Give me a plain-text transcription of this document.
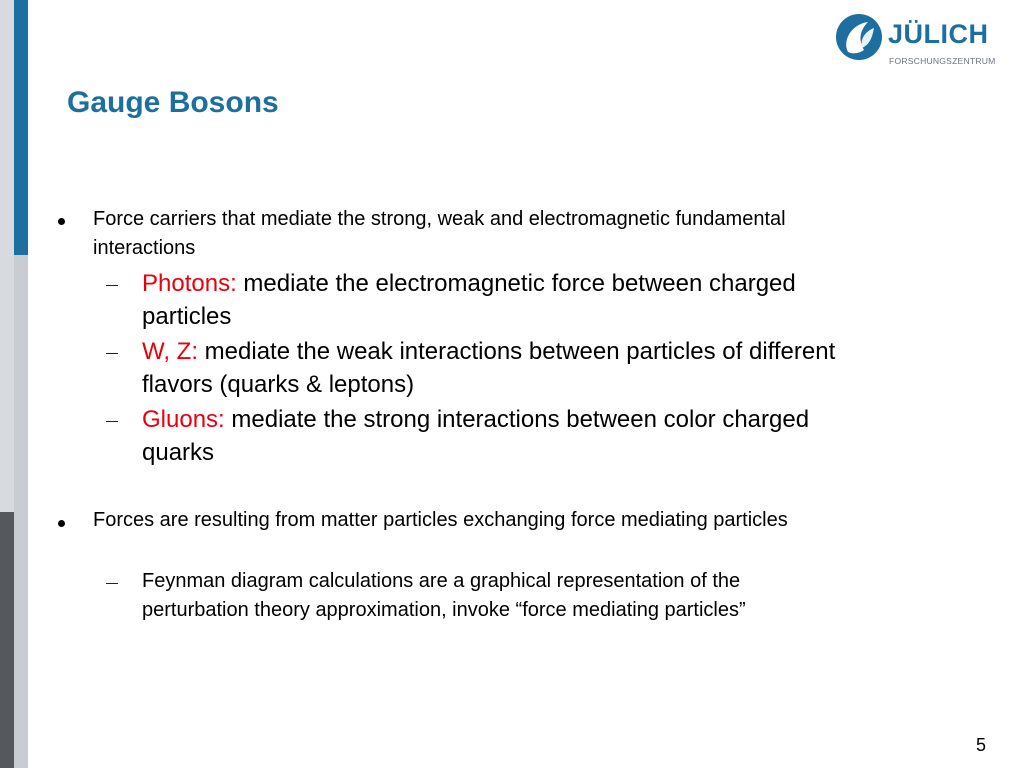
JÜLICH
FORSCHUNGSZENTRUM
Gauge Bosons
Force carriers that mediate the strong, weak and electromagnetic fundamental
interactions
Photons: mediate the electromagnetic force between charged
particles
W, Z: mediate the weak interactions between particles of different
flavors (quarks & leptons)
Gluons: mediate the strong interactions between color charged
quarks
Forces are resulting from matter particles exchanging force mediating particles
Feynman diagram calculations are a graphical representation of the
perturbation theory approximation, invoke “force mediating particles”
5
